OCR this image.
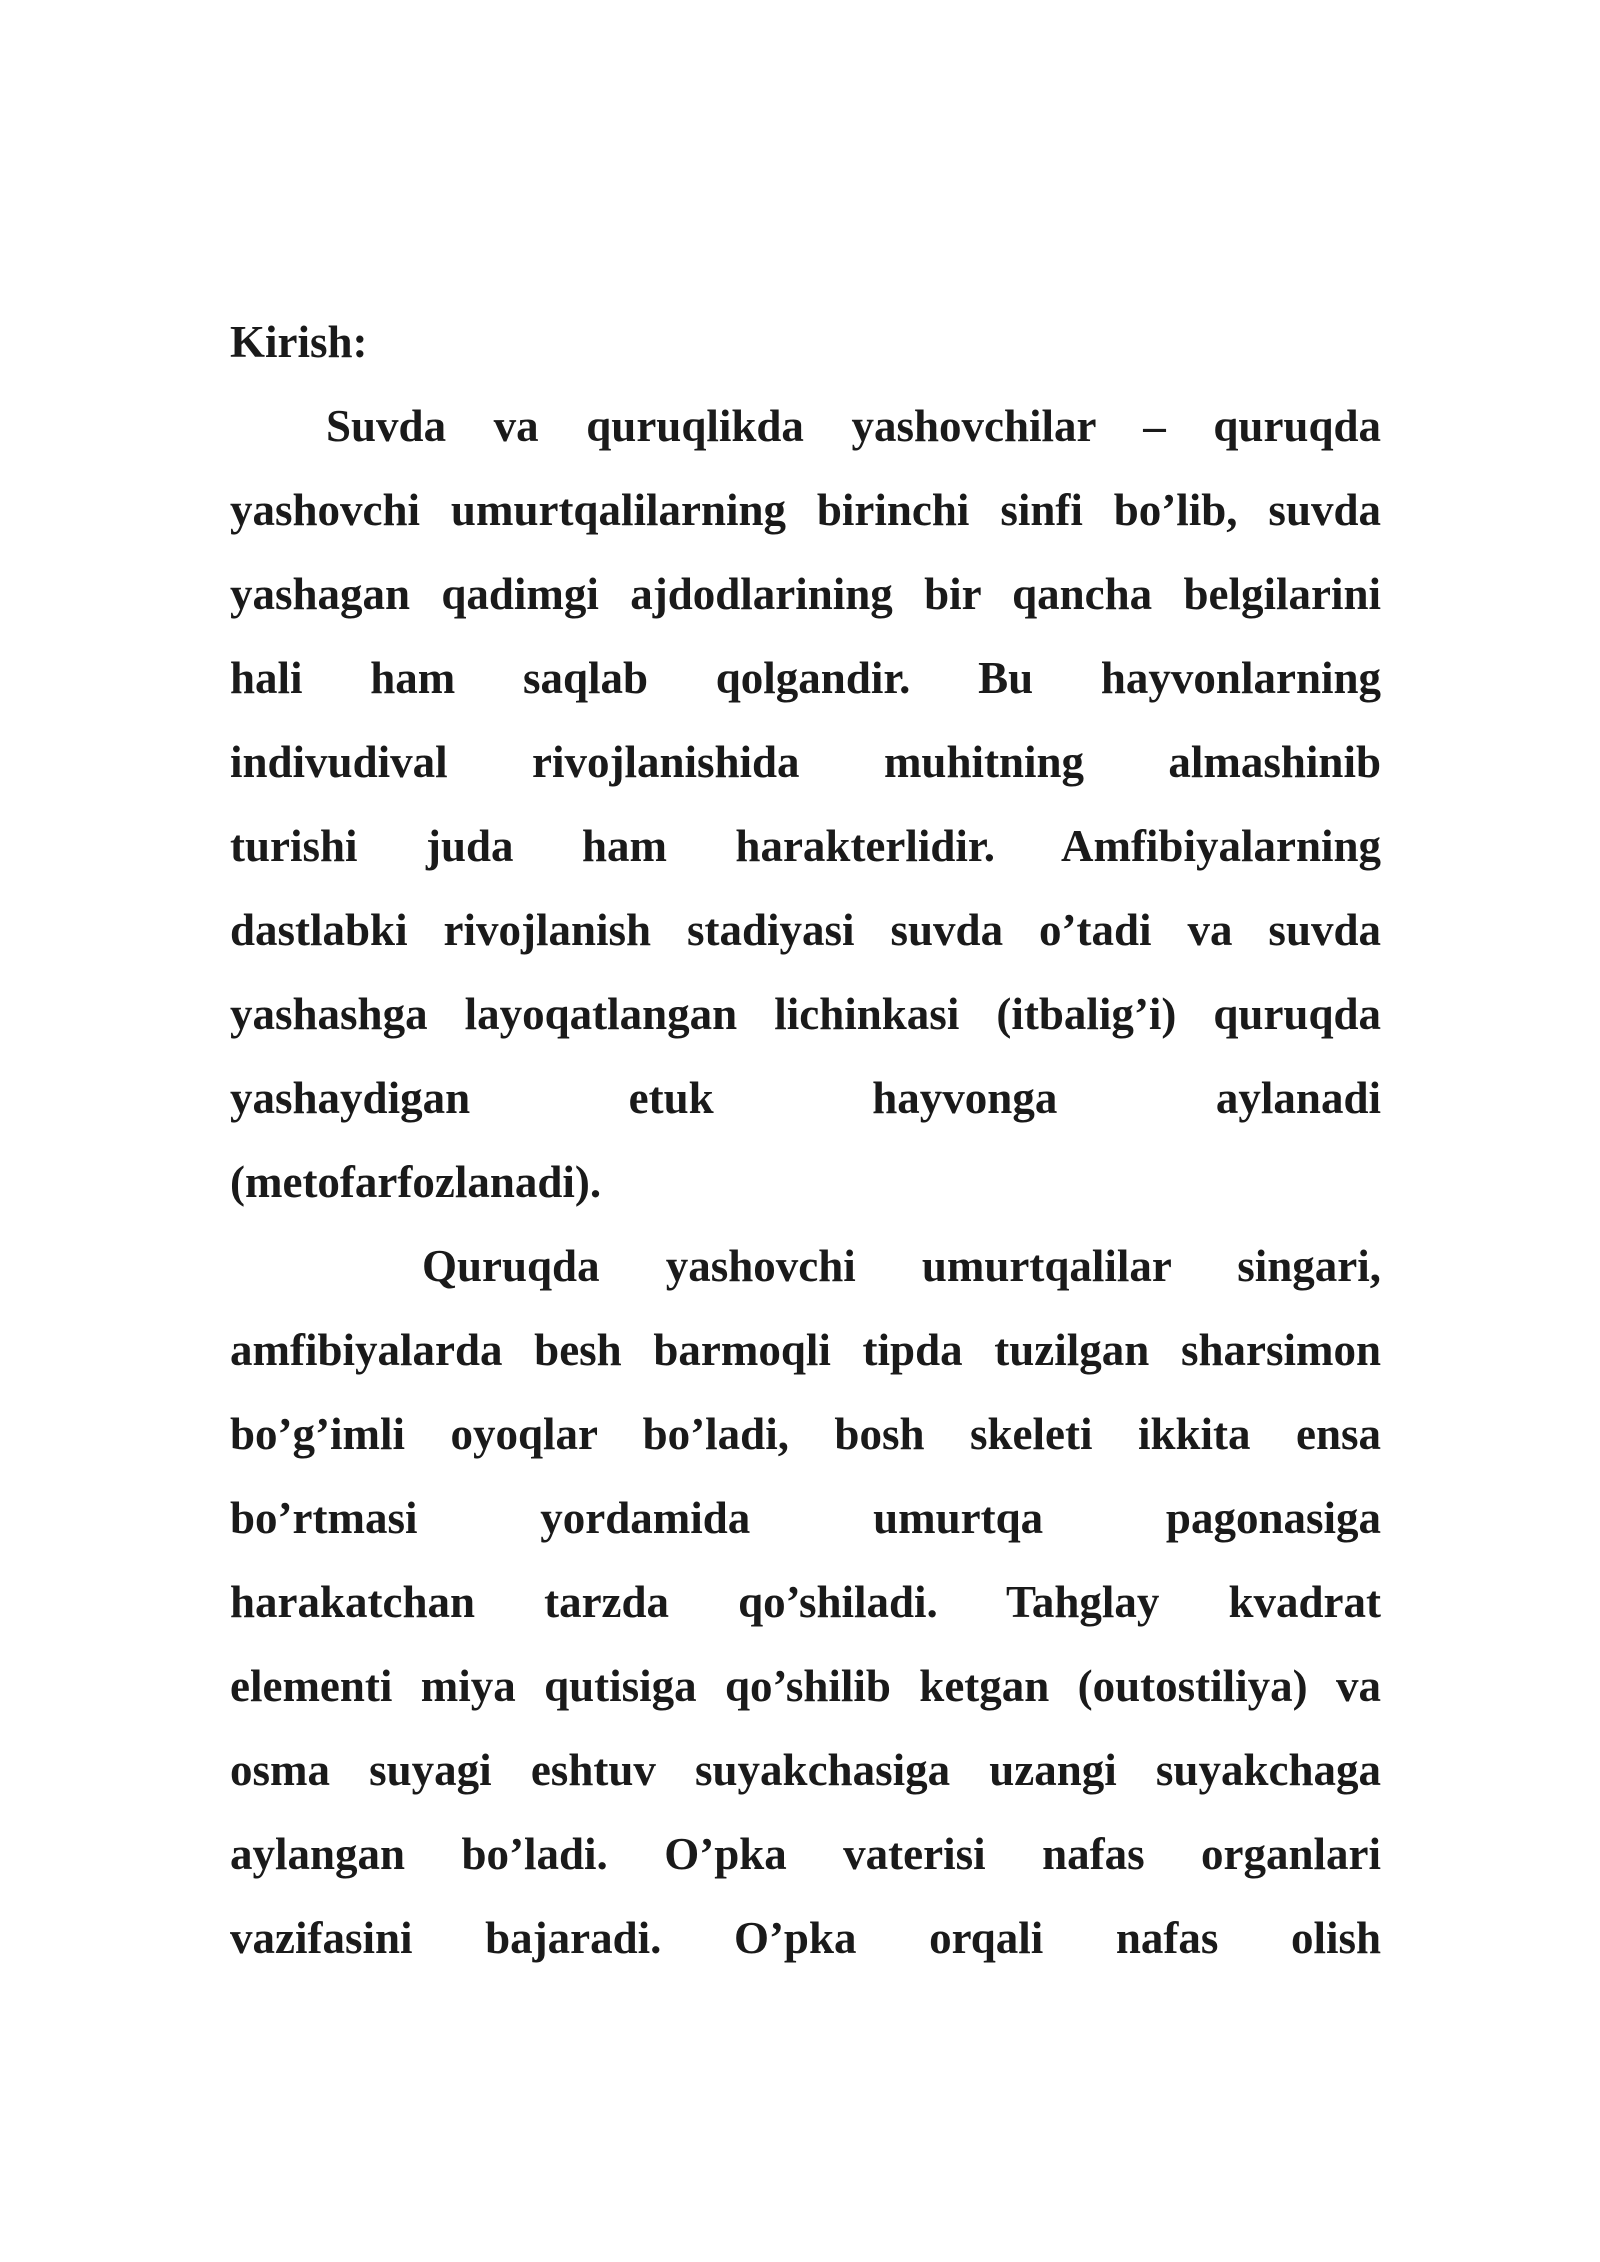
Kirish:
Suvda va quruqlikda yashovchilar – quruqda
yashovchi umurtqalilarning birinchi sinfi bo’lib, suvda
yashagan qadimgi ajdodlarining bir qancha belgilarini
hali ham saqlab qolgandir. Bu hayvonlarning
indivudival rivojlanishida muhitning almashinib
turishi juda ham harakterlidir. Amfibiyalarning
dastlabki rivojlanish stadiyasi suvda o’tadi va suvda
yashashga layoqatlangan lichinkasi (itbalig’i) quruqda
yashaydigan etuk hayvonga aylanadi
(metofarfozlanadi).
Quruqda yashovchi umurtqalilar singari,
amfibiyalarda besh barmoqli tipda tuzilgan sharsimon
bo’g’imli oyoqlar bo’ladi, bosh skeleti ikkita ensa
bo’rtmasi yordamida umurtqa pagonasiga
harakatchan tarzda qo’shiladi. Tahglay kvadrat
elementi miya qutisiga qo’shilib ketgan (outostiliya) va
osma suyagi eshtuv suyakchasiga uzangi suyakchaga
aylangan bo’ladi. O’pka vaterisi nafas organlari
vazifasini bajaradi. O’pka orqali nafas olish
